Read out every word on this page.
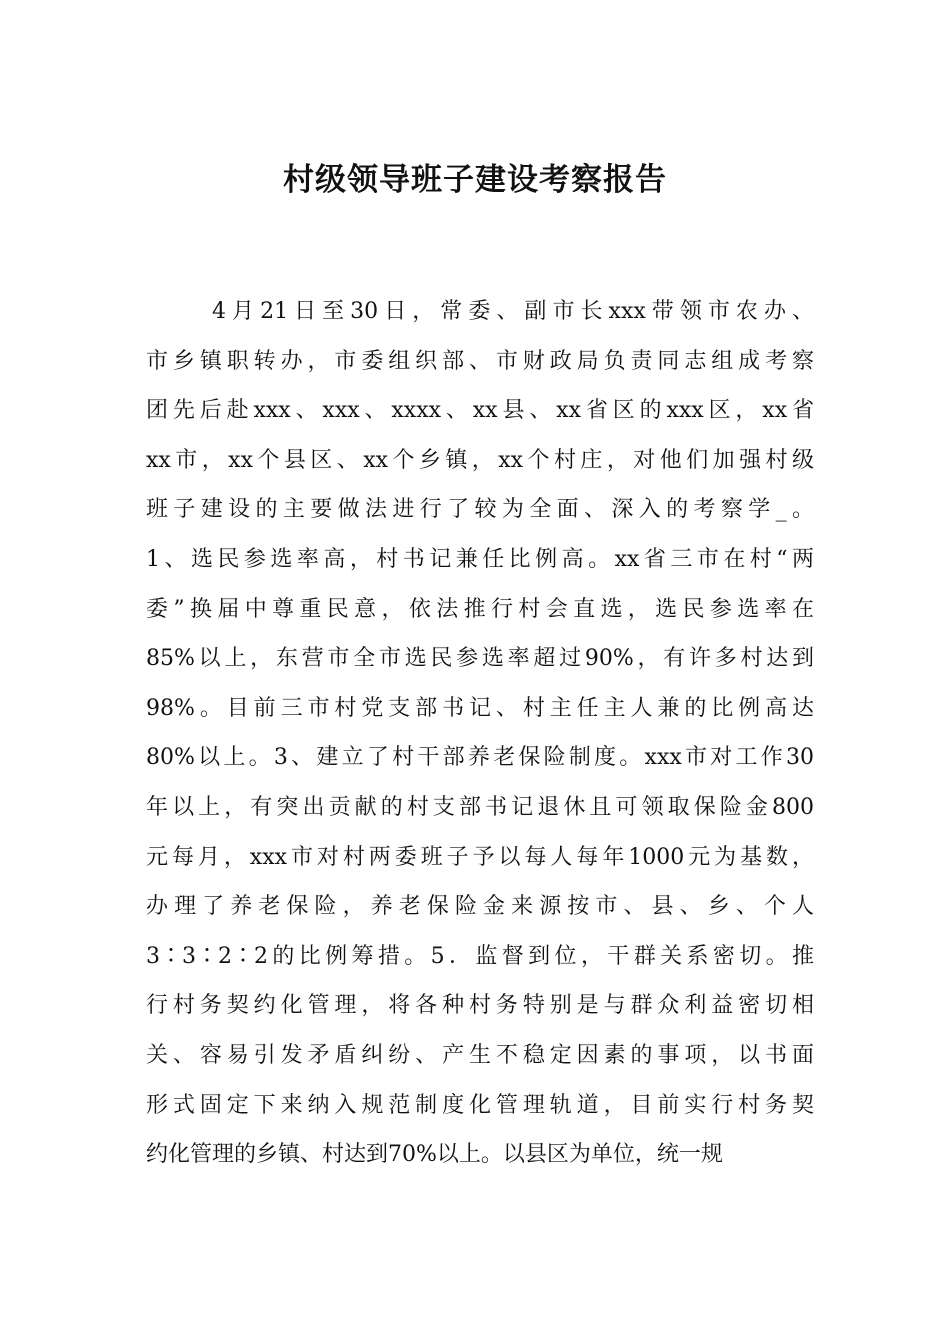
村级领导班子建设考察报告
4月21日至30日，常委、副市长xxx带领市农办、
市乡镇职转办，市委组织部、市财政局负责同志组成考察
团先后赴xxx、xxx、xxxx、xx县、xx省区的xxx区，xx省
xx市，xx个县区、xx个乡镇，xx个村庄，对他们加强村级
班子建设的主要做法进行了较为全面、深入的考察学_。
1、选民参选率高，村书记兼任比例高。xx省三市在村“两
委”换届中尊重民意，依法推行村会直选，选民参选率在
85%以上，东营市全市选民参选率超过90%，有许多村达到
98%。目前三市村党支部书记、村主任主人兼的比例高达
80%以上。3、建立了村干部养老保险制度。xxx市对工作30
年以上，有突出贡献的村支部书记退休且可领取保险金800
元每月，xxx市对村两委班子予以每人每年1000元为基数，
办理了养老保险，养老保险金来源按市、县、乡、个人
3∶3∶2∶2的比例筹措。5．监督到位，干群关系密切。推
行村务契约化管理，将各种村务特别是与群众利益密切相
关、容易引发矛盾纠纷、产生不稳定因素的事项，以书面
形式固定下来纳入规范制度化管理轨道，目前实行村务契
约化管理的乡镇、村达到70%以上。以县区为单位，统一规
